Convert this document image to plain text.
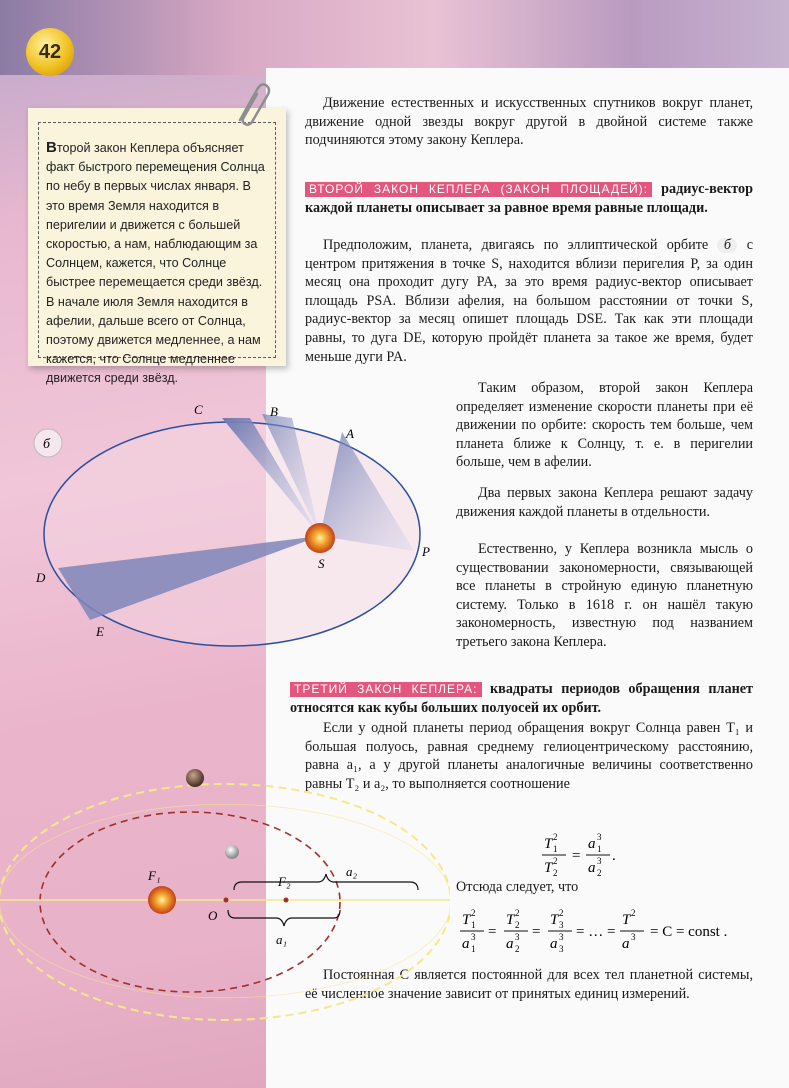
42

Второй закон Кеплера объясняет факт быстрого перемещения Солнца по небу в первых числах января. В это время Земля находится в перигелии и движется с большей скоростью, а нам, наблюдающим за Солнцем, кажется, что Солнце быстрее перемещается среди звёзд. В начале июля Земля находится в афелии, дальше всего от Солнца, поэтому движется медленнее, а нам кажется, что Солнце медленнее движется среди звёзд.

Движение естественных и искусственных спутников вокруг планет, движение одной звезды вокруг другой в двойной системе также подчиняются этому закону Кеплера.
ВТОРОЙ ЗАКОН КЕПЛЕРА (ЗАКОН ПЛОЩАДЕЙ): радиус-вектор каждой планеты описывает за равное время равные площади.
Предположим, планета, двигаясь по эллиптической орбите б с центром притяжения в точке S, находится вблизи перигелия P, за один месяц она проходит дугу PA, за это время радиус-вектор описывает площадь PSA. Вблизи афелия, на большом расстоянии от точки S, радиус-вектор за месяц опишет площадь DSE. Так как эти площади равны, то дуга DE, которую пройдёт планета за такое же время, будет меньше дуги PA.
Таким образом, второй закон Кеплера определяет изменение скорости планеты при её движении по орбите: скорость тем больше, чем планета ближе к Солнцу, т. е. в перигелии больше, чем в афелии.
Два первых закона Кеплера решают задачу движения каждой планеты в отдельности.
Естественно, у Кеплера возникла мысль о существовании закономерности, связывающей все планеты в стройную единую планетную систему. Только в 1618 г. он нашёл такую закономерность, известную под названием третьего закона Кеплера.
ТРЕТИЙ ЗАКОН КЕПЛЕРА: квадраты периодов обращения планет относятся как кубы больших полуосей их орбит.
Если у одной планеты период обращения вокруг Солнца равен T₁ и большая полуось, равная среднему гелиоцентрическому расстоянию, равна a₁, а у другой планеты аналогичные величины соответственно равны T₂ и a₂, то выполняется соотношение
T 1
2
T 2
2 =
a 1
3
a 2
3 .
Отсюда следует, что
T 1
2
a 1
3 =
T 2
2
a 2
3 =
T 3
2
a 3
3 = … =
T 2
a 3 = C = const .
Постоянная C является постоянной для всех тел планетной системы, её численное значение зависит от принятых единиц измерений.
б
C	B
A
P
S
D
E
F₁	F₂
O
a₁
a₂
